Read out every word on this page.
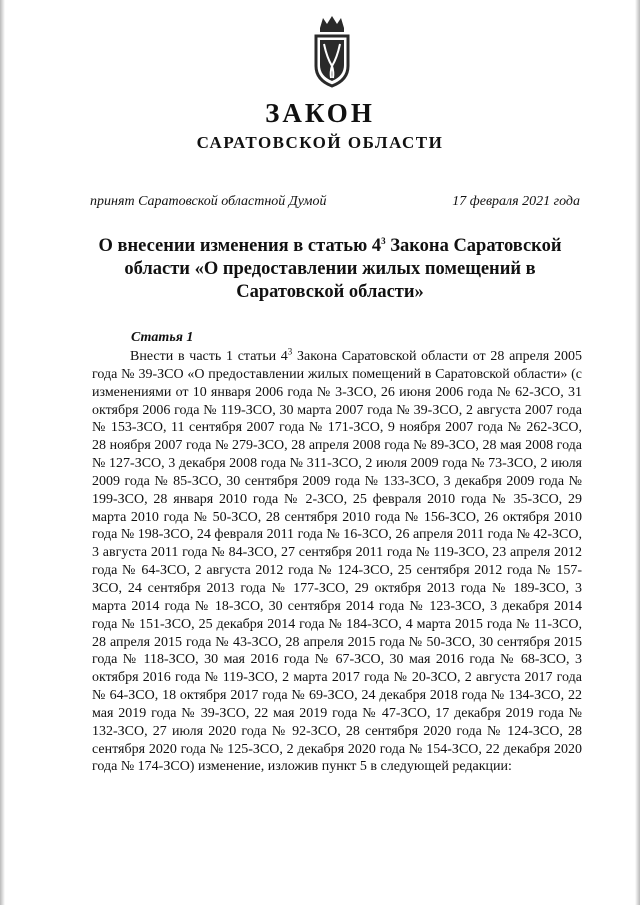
ЗАКОН
САРАТОВСКОЙ ОБЛАСТИ
принят Саратовской областной Думой	17 февраля 2021 года
О внесении изменения в статью $4^3$ Закона Саратовской области «О предоставлении жилых помещений в Саратовской области»
Статья 1

Внести в часть 1 статьи $4^3$ Закона Саратовской области от 28 апреля 2005 года № 39-ЗСО «О предоставлении жилых помещений в Саратовской области» (с изменениями от 10 января 2006 года № 3-ЗСО, 26 июня 2006 года № 62-ЗСО, 31 октября 2006 года № 119-ЗСО, 30 марта 2007 года № 39-ЗСО, 2 августа 2007 года № 153-ЗСО, 11 сентября 2007 года № 171-ЗСО, 9 ноября 2007 года № 262-ЗСО, 28 ноября 2007 года № 279-ЗСО, 28 апреля 2008 года № 89-ЗСО, 28 мая 2008 года № 127-ЗСО, 3 декабря 2008 года № 311-ЗСО, 2 июля 2009 года № 73-ЗСО, 2 июля 2009 года № 85-ЗСО, 30 сентября 2009 года № 133-ЗСО, 3 декабря 2009 года № 199-ЗСО, 28 января 2010 года № 2-ЗСО, 25 февраля 2010 года № 35-ЗСО, 29 марта 2010 года № 50-ЗСО, 28 сентября 2010 года № 156-ЗСО, 26 октября 2010 года № 198-ЗСО, 24 февраля 2011 года № 16-ЗСО, 26 апреля 2011 года № 42-ЗСО, 3 августа 2011 года № 84-ЗСО, 27 сентября 2011 года № 119-ЗСО, 23 апреля 2012 года № 64-ЗСО, 2 августа 2012 года № 124-ЗСО, 25 сентября 2012 года № 157-ЗСО, 24 сентября 2013 года № 177-ЗСО, 29 октября 2013 года № 189-ЗСО, 3 марта 2014 года № 18-ЗСО, 30 сентября 2014 года № 123-ЗСО, 3 декабря 2014 года № 151-ЗСО, 25 декабря 2014 года № 184-ЗСО, 4 марта 2015 года № 11-ЗСО, 28 апреля 2015 года № 43-ЗСО, 28 апреля 2015 года № 50-ЗСО, 30 сентября 2015 года № 118-ЗСО, 30 мая 2016 года № 67-ЗСО, 30 мая 2016 года № 68-ЗСО, 3 октября 2016 года № 119-ЗСО, 2 марта 2017 года № 20-ЗСО, 2 августа 2017 года № 64-ЗСО, 18 октября 2017 года № 69-ЗСО, 24 декабря 2018 года № 134-ЗСО, 22 мая 2019 года № 39-ЗСО, 22 мая 2019 года № 47-ЗСО, 17 декабря 2019 года № 132-ЗСО, 27 июля 2020 года № 92-ЗСО, 28 сентября 2020 года № 124-ЗСО, 28 сентября 2020 года № 125-ЗСО, 2 декабря 2020 года № 154-ЗСО, 22 декабря 2020 года № 174-ЗСО) изменение, изложив пункт 5 в следующей редакции:
